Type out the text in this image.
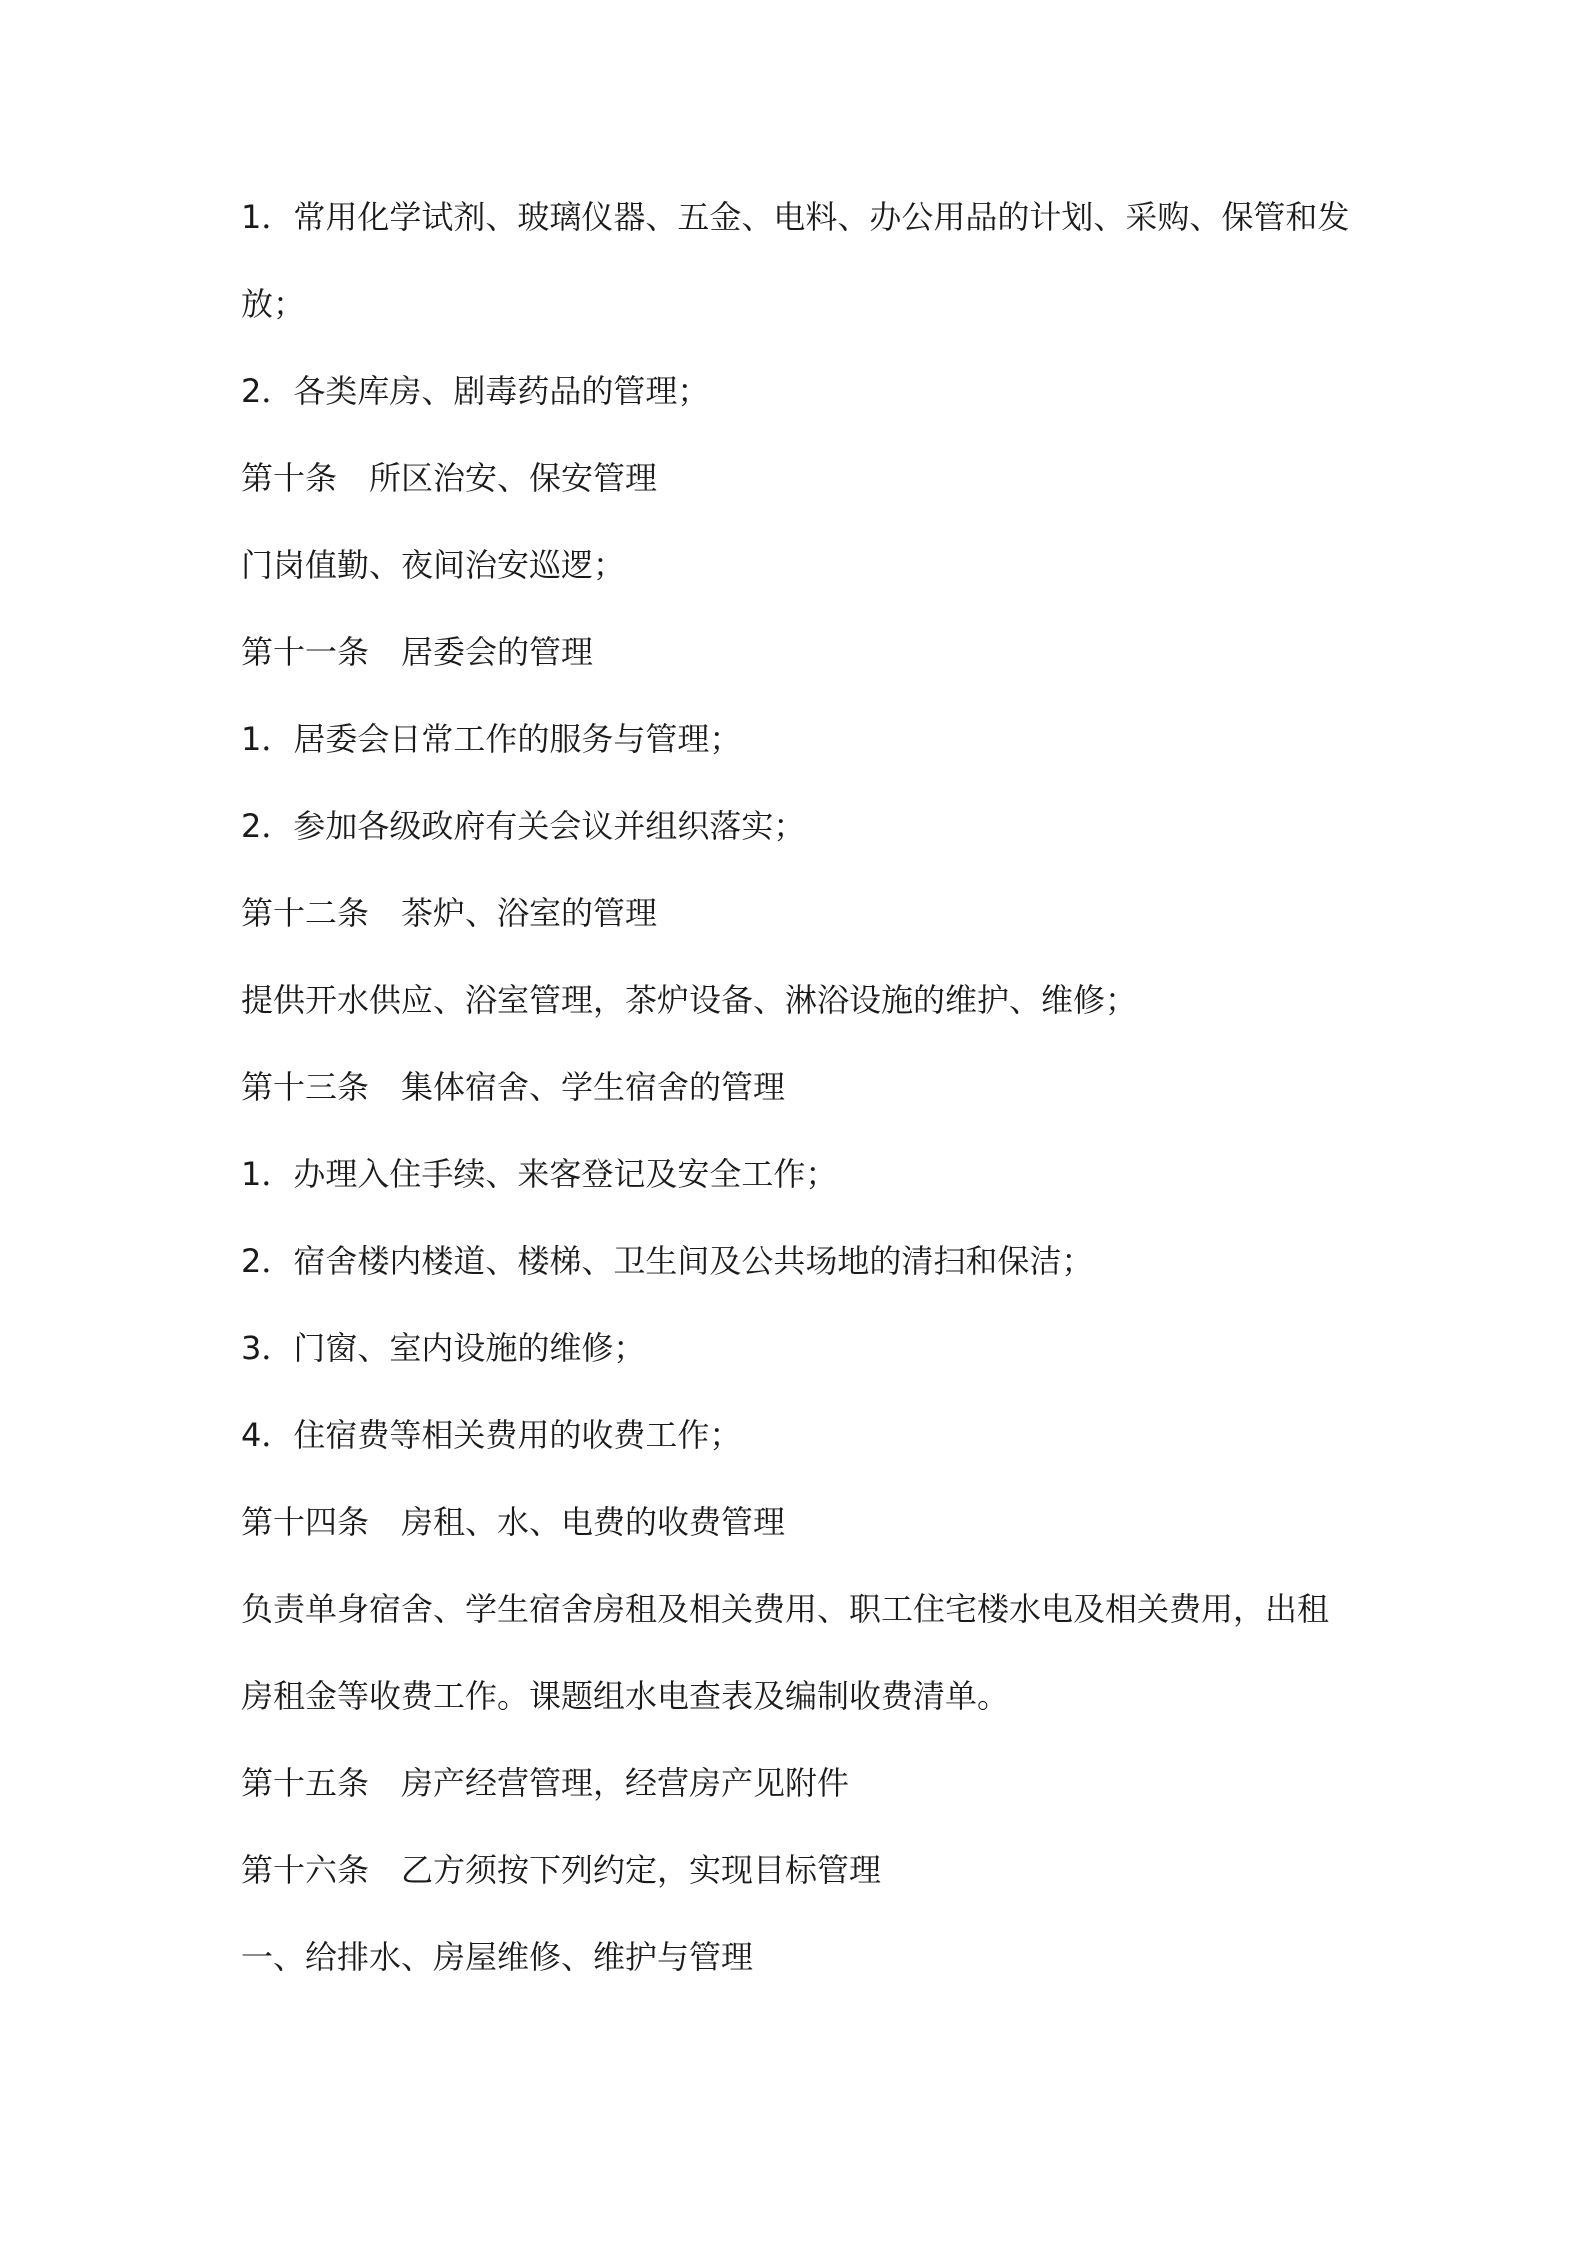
1．常用化学试剂、玻璃仪器、五金、电料、办公用品的计划、采购、保管和发
放；
2．各类库房、剧毒药品的管理；
第十条　所区治安、保安管理
门岗值勤、夜间治安巡逻；
第十一条　居委会的管理
1．居委会日常工作的服务与管理；
2．参加各级政府有关会议并组织落实；
第十二条　茶炉、浴室的管理
提供开水供应、浴室管理，茶炉设备、淋浴设施的维护、维修；
第十三条　集体宿舍、学生宿舍的管理
1．办理入住手续、来客登记及安全工作；
2．宿舍楼内楼道、楼梯、卫生间及公共场地的清扫和保洁；
3．门窗、室内设施的维修；
4．住宿费等相关费用的收费工作；
第十四条　房租、水、电费的收费管理
负责单身宿舍、学生宿舍房租及相关费用、职工住宅楼水电及相关费用，出租
房租金等收费工作。课题组水电查表及编制收费清单。
第十五条　房产经营管理，经营房产见附件
第十六条　乙方须按下列约定，实现目标管理
一、给排水、房屋维修、维护与管理
